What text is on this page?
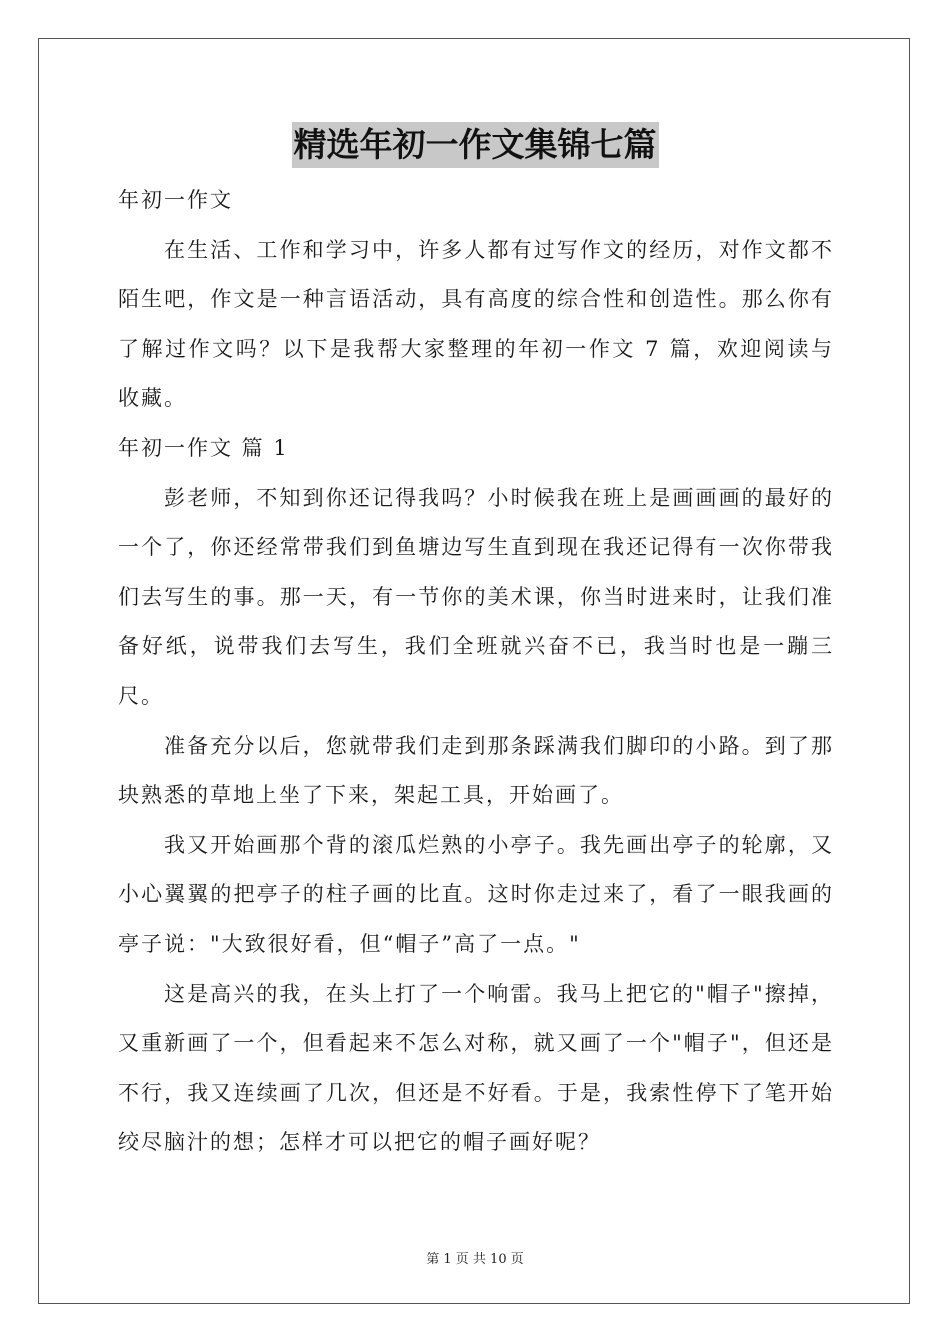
精选年初一作文集锦七篇

年初一作文

在生活、工作和学习中，许多人都有过写作文的经历，对作文都不陌生吧，作文是一种言语活动，具有高度的综合性和创造性。那么你有了解过作文吗？以下是我帮大家整理的年初一作文 7 篇，欢迎阅读与收藏。

年初一作文 篇 1

彭老师，不知到你还记得我吗？小时候我在班上是画画画的最好的一个了，你还经常带我们到鱼塘边写生直到现在我还记得有一次你带我们去写生的事。那一天，有一节你的美术课，你当时进来时，让我们准备好纸，说带我们去写生，我们全班就兴奋不已，我当时也是一蹦三尺。

准备充分以后，您就带我们走到那条踩满我们脚印的小路。到了那块熟悉的草地上坐了下来，架起工具，开始画了。

我又开始画那个背的滚瓜烂熟的小亭子。我先画出亭子的轮廓，又小心翼翼的把亭子的柱子画的比直。这时你走过来了，看了一眼我画的亭子说："大致很好看，但“帽子”高了一点。"

这是高兴的我，在头上打了一个响雷。我马上把它的"帽子"擦掉，又重新画了一个，但看起来不怎么对称，就又画了一个"帽子"，但还是不行，我又连续画了几次，但还是不好看。于是，我索性停下了笔开始绞尽脑汁的想；怎样才可以把它的帽子画好呢？

第 1 页 共 10 页
